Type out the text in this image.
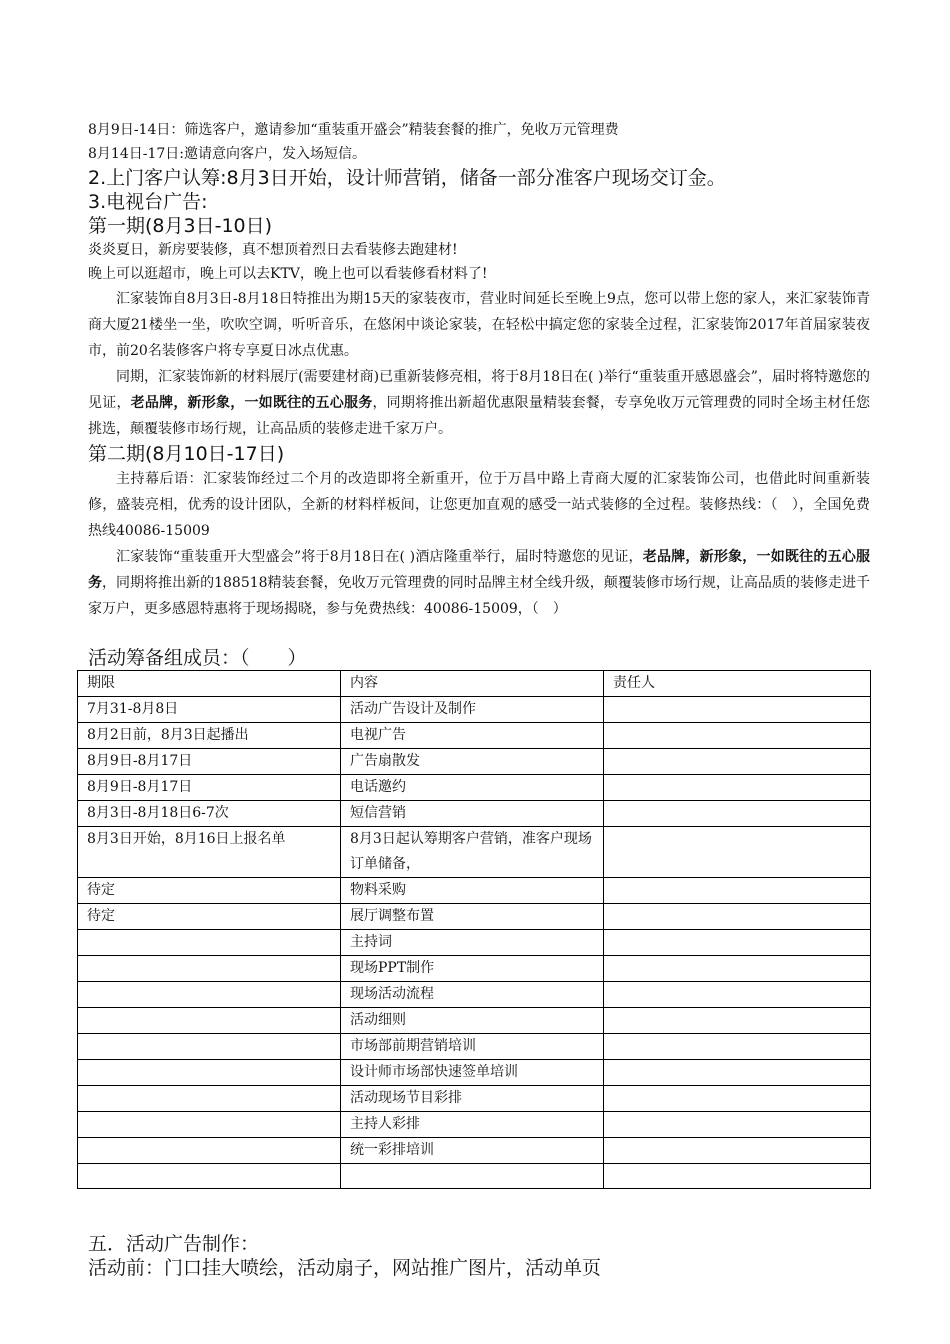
8月9日-14日：筛选客户，邀请参加“重装重开盛会”精装套餐的推广，免收万元管理费

8月14日-17日:邀请意向客户，发入场短信。

2.上门客户认筹:8月3日开始，设计师营销，储备一部分准客户现场交订金。

3.电视台广告:

第一期(8月3日-10日)

炎炎夏日，新房要装修，真不想顶着烈日去看装修去跑建材!

晚上可以逛超市，晚上可以去KTV，晚上也可以看装修看材料了!

汇家装饰自8月3日-8月18日特推出为期15天的家装夜市，营业时间延长至晚上9点，您可以带上您的家人，来汇家装饰青商大厦21楼坐一坐，吹吹空调，听听音乐，在悠闲中谈论家装，在轻松中搞定您的家装全过程，汇家装饰2017年首届家装夜市，前20名装修客户将专享夏日冰点优惠。

同期，汇家装饰新的材料展厅(需要建材商)已重新装修亮相，将于8月18日在( )举行“重装重开感恩盛会”，届时将特邀您的见证，老品牌，新形象，一如既往的五心服务，同期将推出新超优惠限量精装套餐，专享免收万元管理费的同时全场主材任您挑选，颠覆装修市场行规，让高品质的装修走进千家万户。

第二期(8月10日-17日)

主持幕后语：汇家装饰经过二个月的改造即将全新重开，位于万昌中路上青商大厦的汇家装饰公司，也借此时间重新装修，盛装亮相，优秀的设计团队，全新的材料样板间，让您更加直观的感受一站式装修的全过程。装修热线：（　），全国免费热线40086-15009

汇家装饰“重装重开大型盛会”将于8月18日在( )酒店隆重举行，届时特邀您的见证，老品牌，新形象，一如既往的五心服务，同期将推出新的188518精装套餐，免收万元管理费的同时品牌主材全线升级，颠覆装修市场行规，让高品质的装修走进千家万户，更多感恩特惠将于现场揭晓，参与免费热线：40086-15009，（　）

活动筹备组成员：（　　）

期限	内容	责任人
7月31-8月8日	活动广告设计及制作	
8月2日前，8月3日起播出	电视广告	
8月9日-8月17日	广告扇散发	
8月9日-8月17日	电话邀约	
8月3日-8月18日6-7次	短信营销	
8月3日开始，8月16日上报名单	8月3日起认筹期客户营销，准客户现场订单储备，	
待定	物料采购	
待定	展厅调整布置	
	主持词	
	现场PPT制作	
	现场活动流程	
	活动细则	
	市场部前期营销培训	
	设计师市场部快速签单培训	
	活动现场节目彩排	
	主持人彩排	
	统一彩排培训	

五．活动广告制作：

活动前：门口挂大喷绘，活动扇子，网站推广图片，活动单页
